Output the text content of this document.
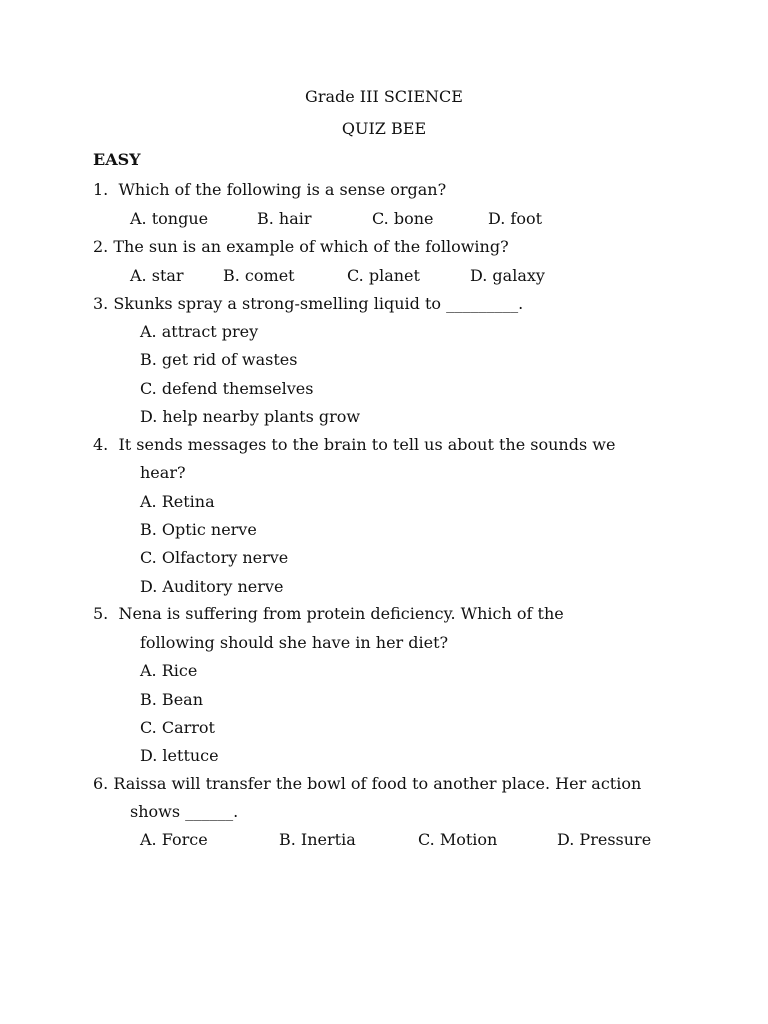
Grade III SCIENCE
QUIZ BEE
EASY
1.  Which of the following is a sense organ?
A. tongue	B. hair	C. bone	D. foot
2. The sun is an example of which of the following?
A. star B. comet	C. planet	D. galaxy
3. Skunks spray a strong-smelling liquid to _________.
A. attract prey
B. get rid of wastes
C. defend themselves
D. help nearby plants grow
4.  It sends messages to the brain to tell us about the sounds we
hear?
A. Retina
B. Optic nerve
C. Olfactory nerve
D. Auditory nerve
5.  Nena is suffering from protein deficiency. Which of the
following should she have in her diet?
A. Rice
B. Bean
C. Carrot
D. lettuce
6. Raissa will transfer the bowl of food to another place. Her action
shows ______.
A. Force	B. Inertia	C. Motion	D. Pressure
